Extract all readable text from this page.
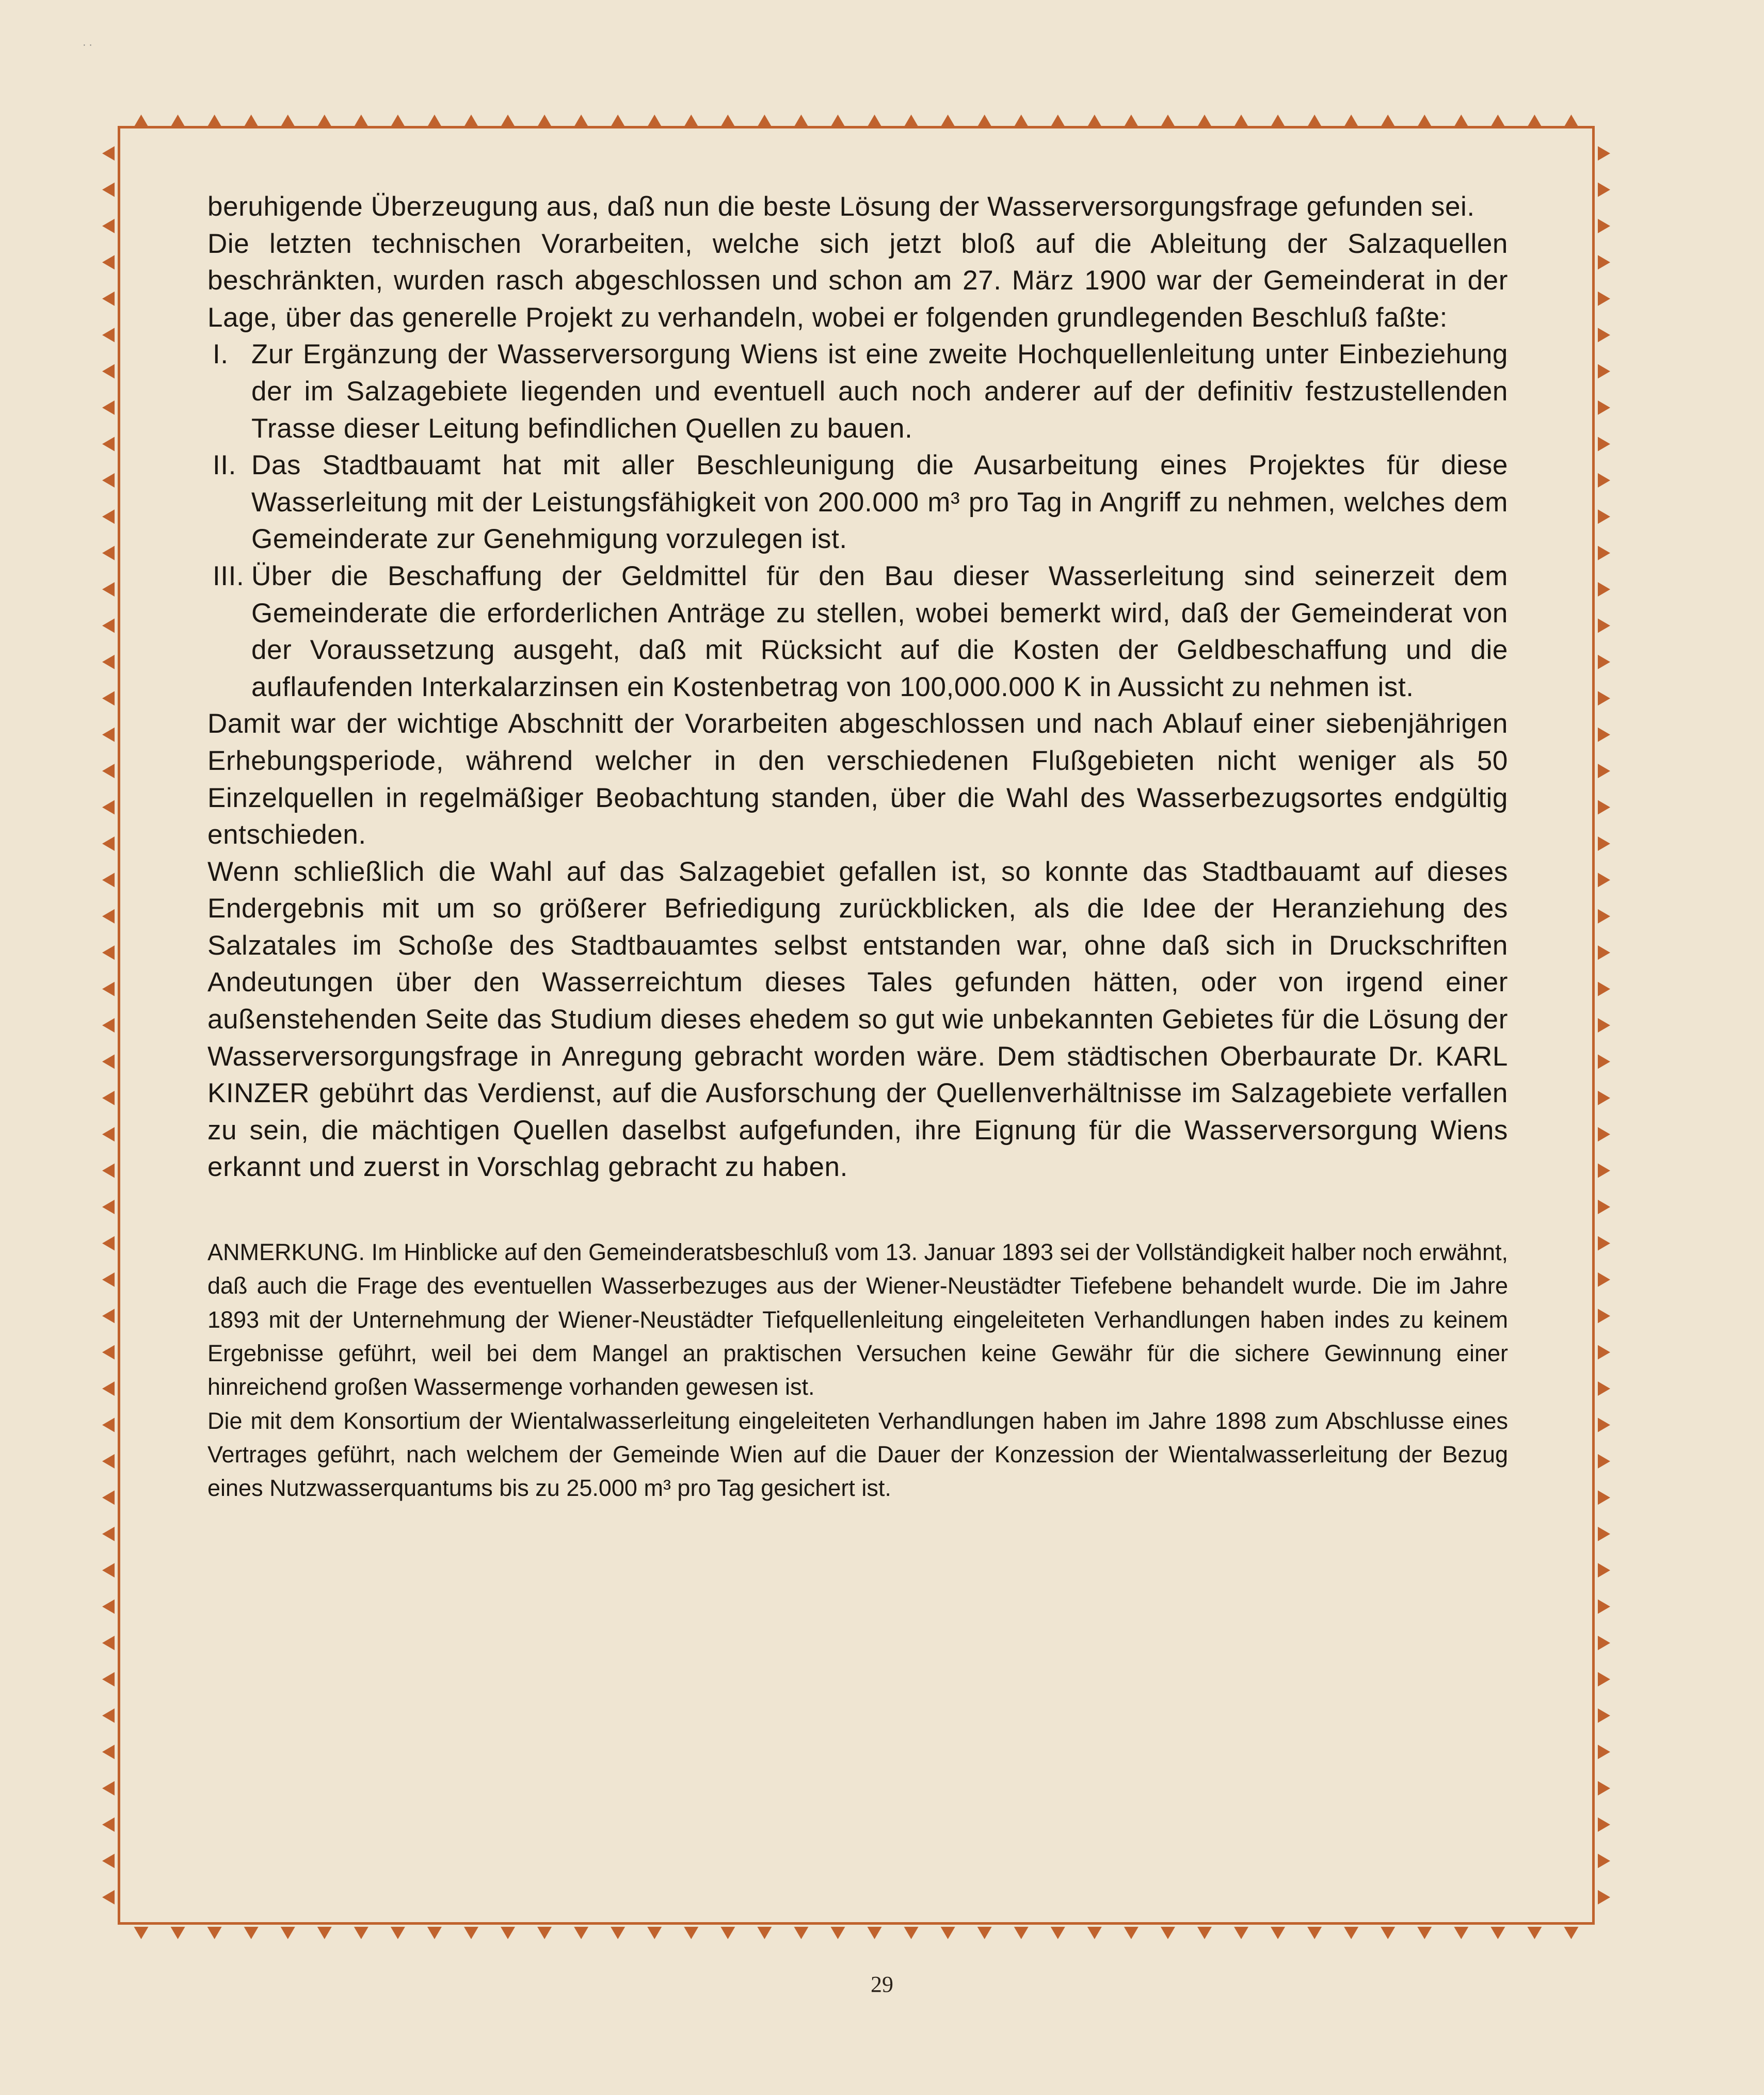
· ·

beruhigende Überzeugung aus, daß nun die beste Lösung der Wasserversorgungsfrage gefunden sei.

Die letzten technischen Vorarbeiten, welche sich jetzt bloß auf die Ableitung der Salzaquellen beschränkten, wurden rasch abgeschlossen und schon am 27. März 1900 war der Gemeinderat in der Lage, über das generelle Projekt zu verhandeln, wobei er folgenden grundlegenden Beschluß faßte:

I. Zur Ergänzung der Wasserversorgung Wiens ist eine zweite Hochquellenleitung unter Einbeziehung der im Salzagebiete liegenden und eventuell auch noch anderer auf der definitiv festzustellenden Trasse dieser Leitung befindlichen Quellen zu bauen.

II. Das Stadtbauamt hat mit aller Beschleunigung die Ausarbeitung eines Projektes für diese Wasserleitung mit der Leistungsfähigkeit von 200.000 m³ pro Tag in Angriff zu nehmen, welches dem Gemeinderate zur Genehmigung vorzulegen ist.

III. Über die Beschaffung der Geldmittel für den Bau dieser Wasserleitung sind seinerzeit dem Gemeinderate die erforderlichen Anträge zu stellen, wobei bemerkt wird, daß der Gemeinderat von der Voraussetzung ausgeht, daß mit Rücksicht auf die Kosten der Geldbeschaffung und die auflaufenden Interkalarzinsen ein Kostenbetrag von 100,000.000 K in Aussicht zu nehmen ist.

Damit war der wichtige Abschnitt der Vorarbeiten abgeschlossen und nach Ablauf einer siebenjährigen Erhebungsperiode, während welcher in den verschiedenen Flußgebieten nicht weniger als 50 Einzelquellen in regelmäßiger Beobachtung standen, über die Wahl des Wasserbezugsortes endgültig entschieden.

Wenn schließlich die Wahl auf das Salzagebiet gefallen ist, so konnte das Stadtbauamt auf dieses Endergebnis mit um so größerer Befriedigung zurückblicken, als die Idee der Heranziehung des Salzatales im Schoße des Stadtbauamtes selbst entstanden war, ohne daß sich in Druckschriften Andeutungen über den Wasserreichtum dieses Tales gefunden hätten, oder von irgend einer außenstehenden Seite das Studium dieses ehedem so gut wie unbekannten Gebietes für die Lösung der Wasserversorgungsfrage in Anregung gebracht worden wäre. Dem städtischen Oberbaurate Dr. KARL KINZER gebührt das Verdienst, auf die Ausforschung der Quellenverhältnisse im Salzagebiete verfallen zu sein, die mächtigen Quellen daselbst aufgefunden, ihre Eignung für die Wasserversorgung Wiens erkannt und zuerst in Vorschlag gebracht zu haben.

ANMERKUNG. Im Hinblicke auf den Gemeinderatsbeschluß vom 13. Januar 1893 sei der Vollständigkeit halber noch erwähnt, daß auch die Frage des eventuellen Wasserbezuges aus der Wiener-Neustädter Tiefebene behandelt wurde. Die im Jahre 1893 mit der Unternehmung der Wiener-Neustädter Tiefquellenleitung eingeleiteten Verhandlungen haben indes zu keinem Ergebnisse geführt, weil bei dem Mangel an praktischen Versuchen keine Gewähr für die sichere Gewinnung einer hinreichend großen Wassermenge vorhanden gewesen ist.

Die mit dem Konsortium der Wientalwasserleitung eingeleiteten Verhandlungen haben im Jahre 1898 zum Abschlusse eines Vertrages geführt, nach welchem der Gemeinde Wien auf die Dauer der Konzession der Wientalwasserleitung der Bezug eines Nutzwasserquantums bis zu 25.000 m³ pro Tag gesichert ist.

29
